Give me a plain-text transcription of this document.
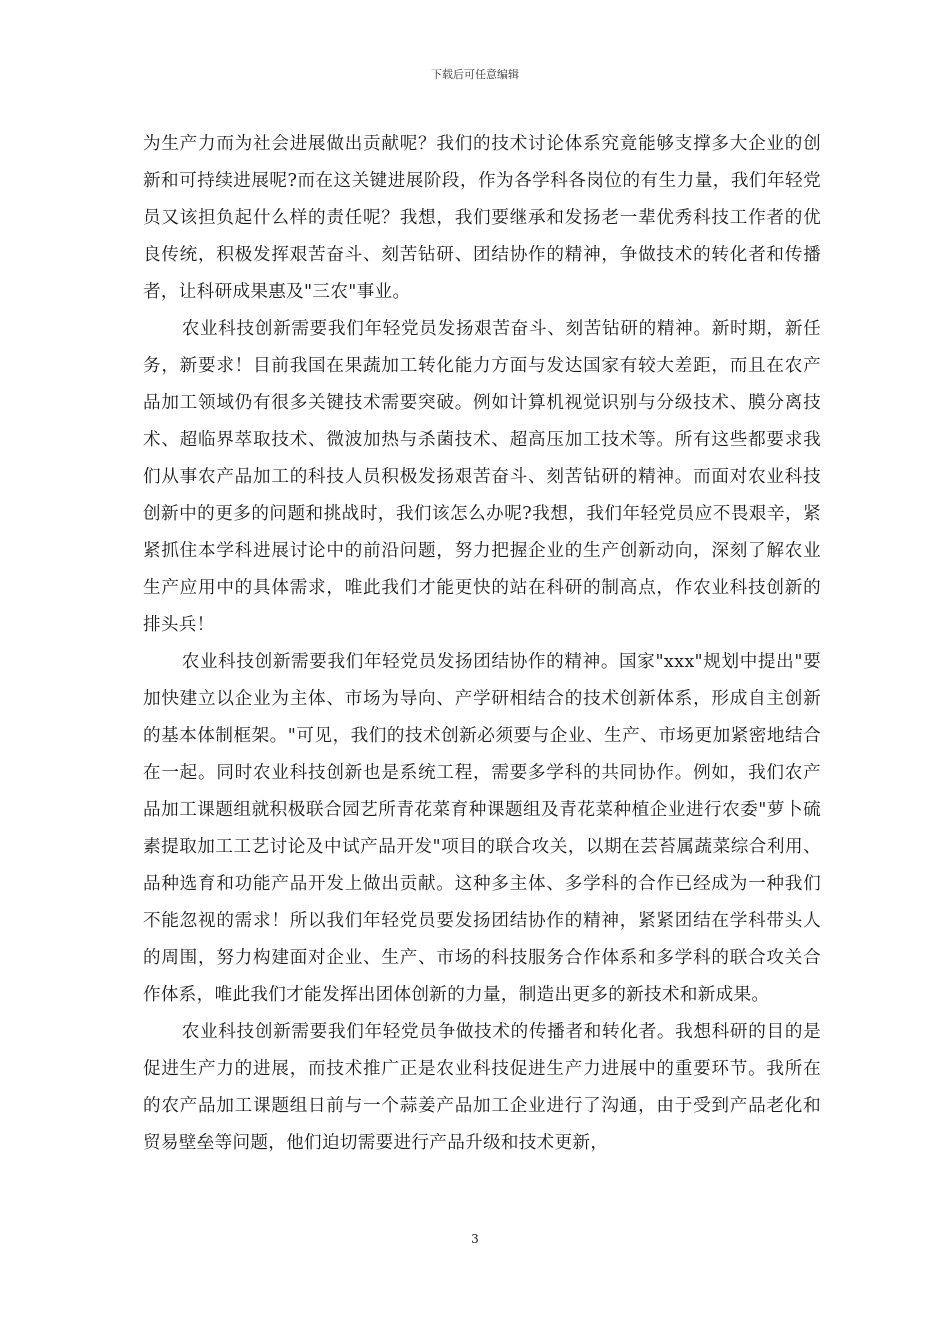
下载后可任意编辑

为生产力而为社会进展做出贡献呢？我们的技术讨论体系究竟能够支撑多大企业的创新和可持续进展呢?而在这关键进展阶段，作为各学科各岗位的有生力量，我们年轻党员又该担负起什么样的责任呢？我想，我们要继承和发扬老一辈优秀科技工作者的优良传统，积极发挥艰苦奋斗、刻苦钻研、团结协作的精神，争做技术的转化者和传播者，让科研成果惠及"三农"事业。

农业科技创新需要我们年轻党员发扬艰苦奋斗、刻苦钻研的精神。新时期，新任务，新要求！目前我国在果蔬加工转化能力方面与发达国家有较大差距，而且在农产品加工领域仍有很多关键技术需要突破。例如计算机视觉识别与分级技术、膜分离技术、超临界萃取技术、微波加热与杀菌技术、超高压加工技术等。所有这些都要求我们从事农产品加工的科技人员积极发扬艰苦奋斗、刻苦钻研的精神。而面对农业科技创新中的更多的问题和挑战时，我们该怎么办呢?我想，我们年轻党员应不畏艰辛，紧紧抓住本学科进展讨论中的前沿问题，努力把握企业的生产创新动向，深刻了解农业生产应用中的具体需求，唯此我们才能更快的站在科研的制高点，作农业科技创新的排头兵！

农业科技创新需要我们年轻党员发扬团结协作的精神。国家"xxx"规划中提出"要加快建立以企业为主体、市场为导向、产学研相结合的技术创新体系，形成自主创新的基本体制框架。"可见，我们的技术创新必须要与企业、生产、市场更加紧密地结合在一起。同时农业科技创新也是系统工程，需要多学科的共同协作。例如，我们农产品加工课题组就积极联合园艺所青花菜育种课题组及青花菜种植企业进行农委"萝卜硫素提取加工工艺讨论及中试产品开发"项目的联合攻关，以期在芸苔属蔬菜综合利用、品种选育和功能产品开发上做出贡献。这种多主体、多学科的合作已经成为一种我们不能忽视的需求！所以我们年轻党员要发扬团结协作的精神，紧紧团结在学科带头人的周围，努力构建面对企业、生产、市场的科技服务合作体系和多学科的联合攻关合作体系，唯此我们才能发挥出团体创新的力量，制造出更多的新技术和新成果。

农业科技创新需要我们年轻党员争做技术的传播者和转化者。我想科研的目的是促进生产力的进展，而技术推广正是农业科技促进生产力进展中的重要环节。我所在的农产品加工课题组日前与一个蒜姜产品加工企业进行了沟通，由于受到产品老化和贸易壁垒等问题，他们迫切需要进行产品升级和技术更新，

3
